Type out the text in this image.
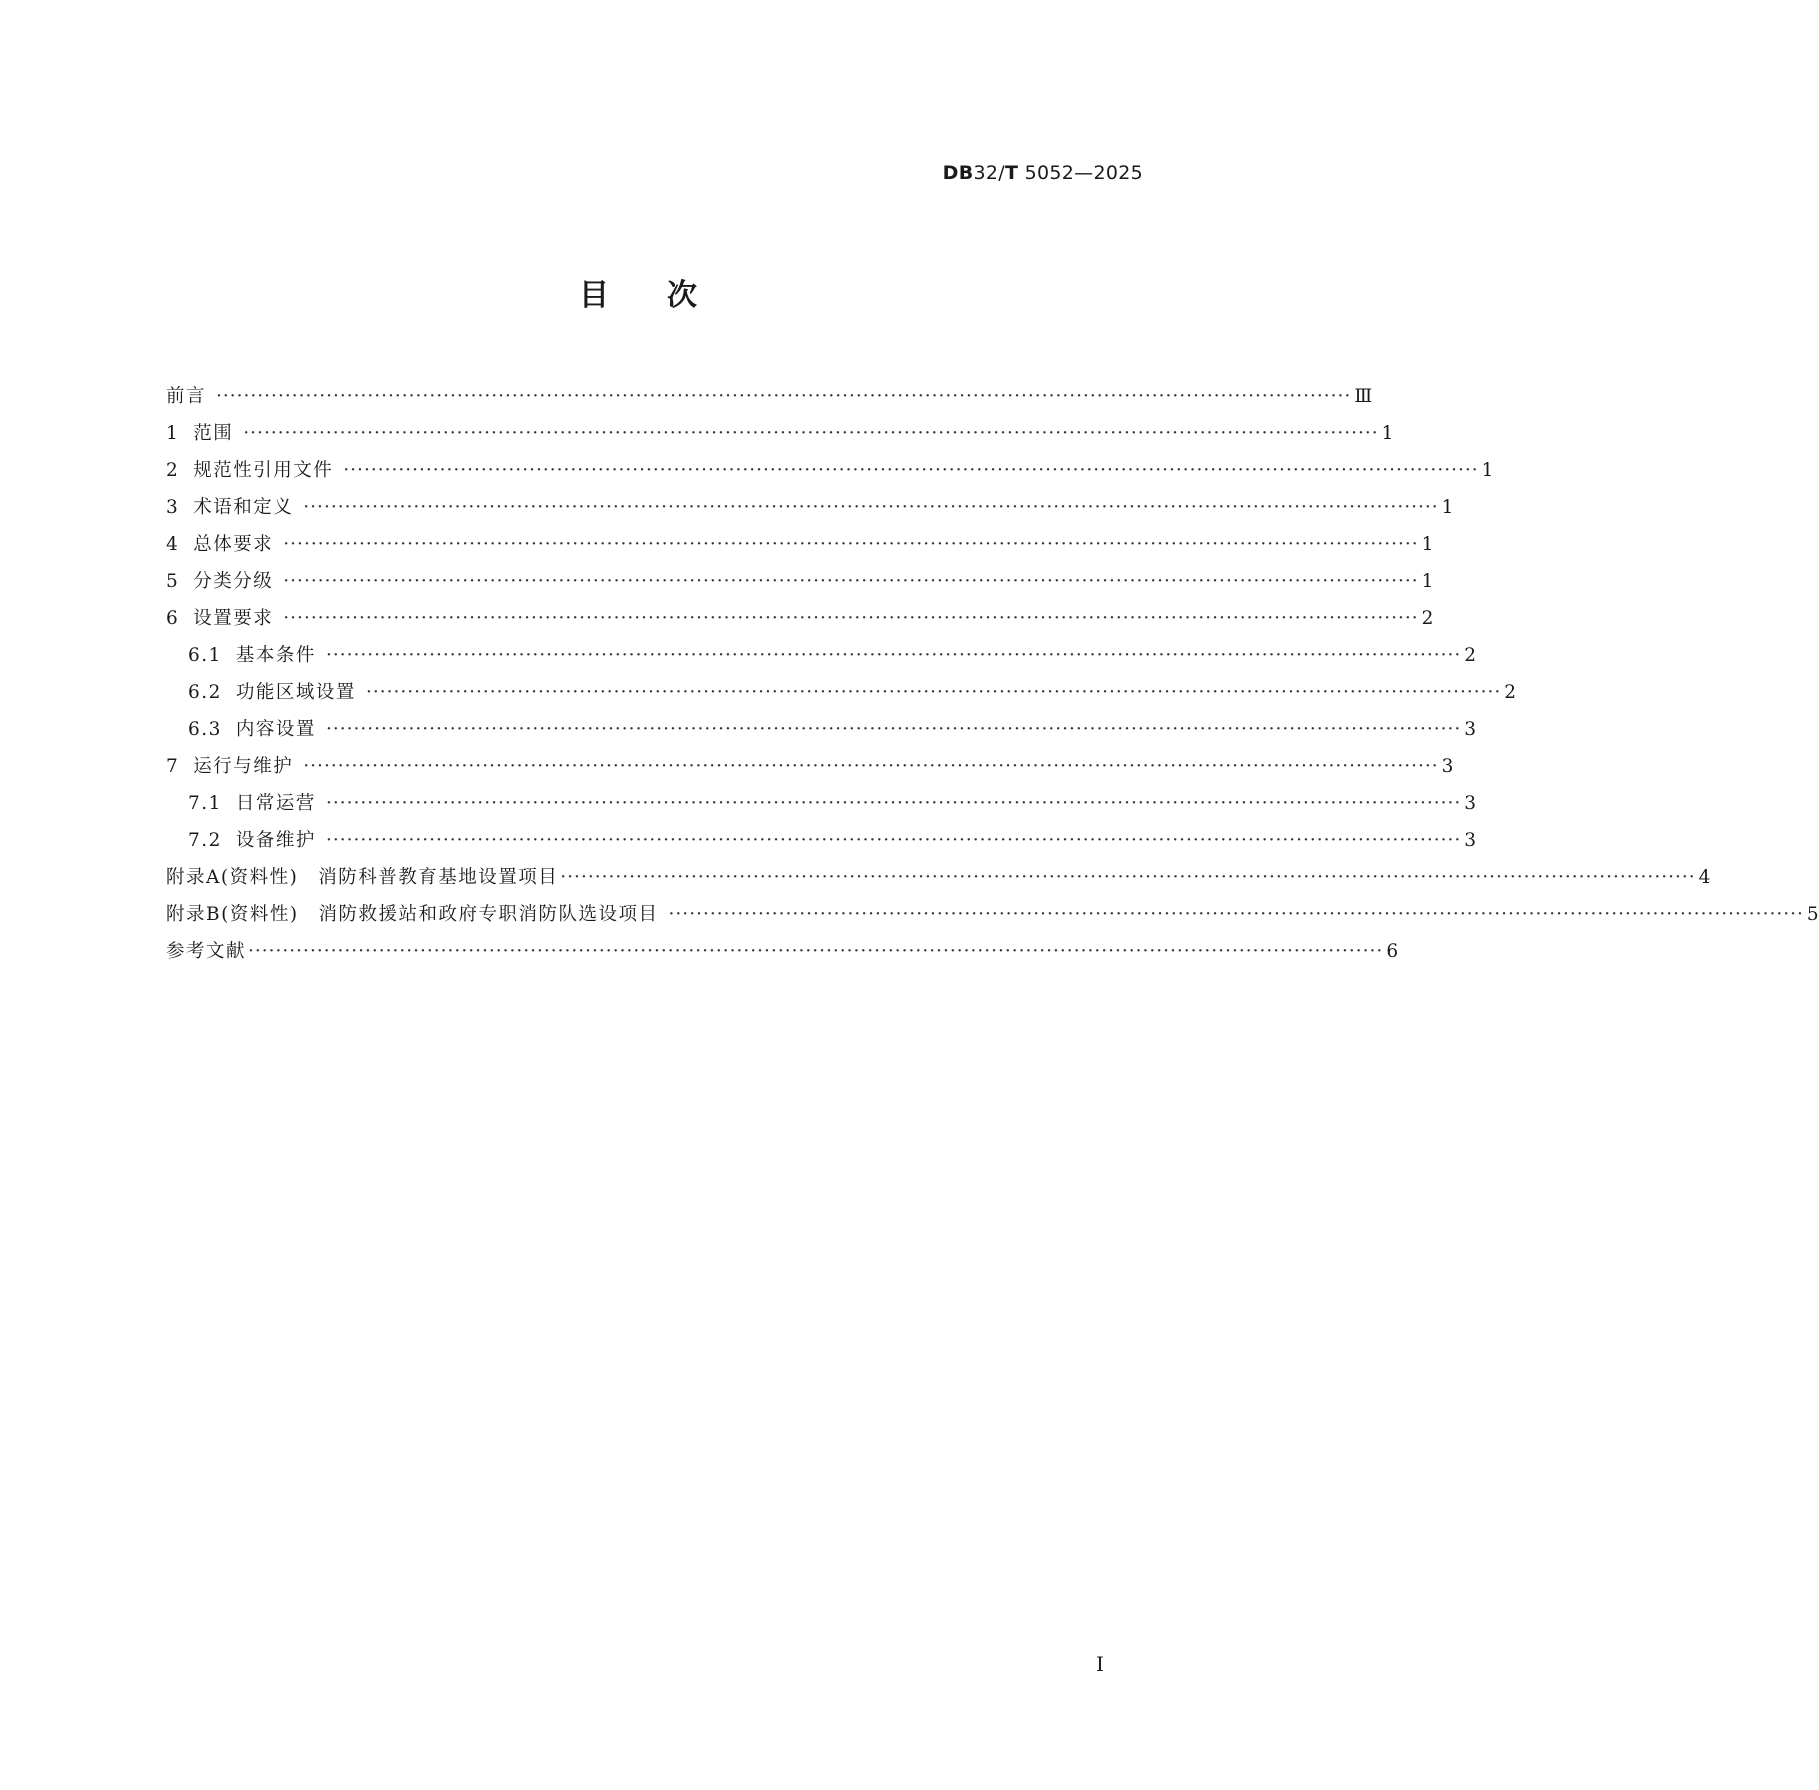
DB32/T 5052—2025
目次
前言 ····································································································································································· Ⅲ
1 范围 ····································································································································································· 1
2 规范性引用文件 ····································································································································································· 1
3 术语和定义 ····································································································································································· 1
4 总体要求 ····································································································································································· 1
5 分类分级 ····································································································································································· 1
6 设置要求 ····································································································································································· 2
6.1 基本条件 ····································································································································································· 2
6.2 功能区域设置 ····································································································································································· 2
6.3 内容设置 ····································································································································································· 3
7 运行与维护 ····································································································································································· 3
7.1 日常运营 ····································································································································································· 3
7.2 设备维护 ····································································································································································· 3
附录A(资料性)　消防科普教育基地设置项目 ····································································································································································· 4
附录B(资料性)　消防救援站和政府专职消防队选设项目 ····································································································································································· 5
参考文献 ····································································································································································· 6
I
